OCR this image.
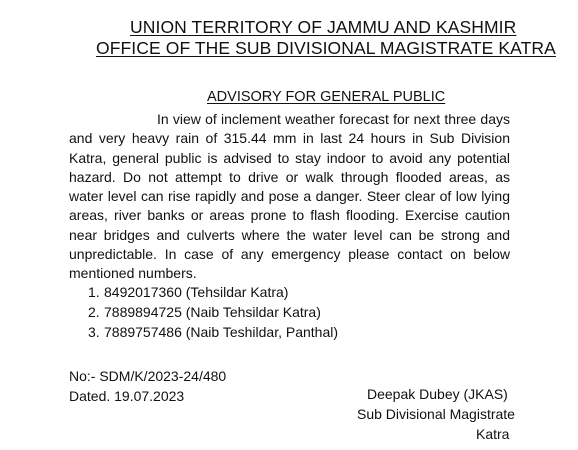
UNION TERRITORY OF JAMMU AND KASHMIR
OFFICE OF THE SUB DIVISIONAL MAGISTRATE KATRA
ADVISORY FOR GENERAL PUBLIC
In view of inclement weather forecast for next three days and very heavy rain of 315.44 mm in last 24 hours in Sub Division Katra, general public is advised to stay indoor to avoid any potential hazard. Do not attempt to drive or walk through flooded areas, as water level can rise rapidly and pose a danger. Steer clear of low lying areas, river banks or areas prone to flash flooding. Exercise caution near bridges and culverts where the water level can be strong and unpredictable. In case of any emergency please contact on below mentioned numbers.
1. 8492017360 (Tehsildar Katra)
2. 7889894725 (Naib Tehsildar Katra)
3. 7889757486 (Naib Teshildar, Panthal)
No:- SDM/K/2023-24/480
Dated. 19.07.2023	Deepak Dubey (JKAS)
Sub Divisional Magistrate
Katra
